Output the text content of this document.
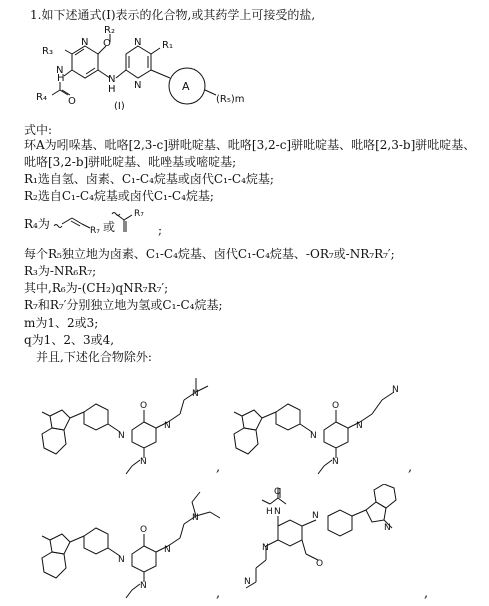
1.如下述通式(I)表示的化合物,或其药学上可接受的盐,
R₃
O
R₂
N
H
N
R₄ O
N
H
N
N
R₁
A
(R₅)m
(Ⅰ)
式中:
环A为吲哚基、吡咯[2,3-c]骈吡啶基、吡咯[3,2-c]骈吡啶基、吡咯[2,3-b]骈吡啶基、
吡咯[3,2-b]骈吡啶基、吡唑基或嘧啶基;
R₁选自氢、卤素、C₁-C₄烷基或卤代C₁-C₄烷基;
R₂选自C₁-C₄烷基或卤代C₁-C₄烷基;
R₄为	R₇
R₇
或	;
每个R₅独立地为卤素、C₁-C₄烷基、卤代C₁-C₄烷基、-OR₇或-NR₇R₇′;
R₃为-NR₆R₇;
其中,R₆为-(CH₂)qNR₇R₇′;
R₇和R₇′分别独立地为氢或C₁-C₄烷基;
m为1、2或3;
q为1、2、3或4,
并且,下述化合物除外:
N
N
O
N
N
,
N
N
O
N
N
,
N
N
O
N
N
,
O
H N
N
N
N
O
N
,
